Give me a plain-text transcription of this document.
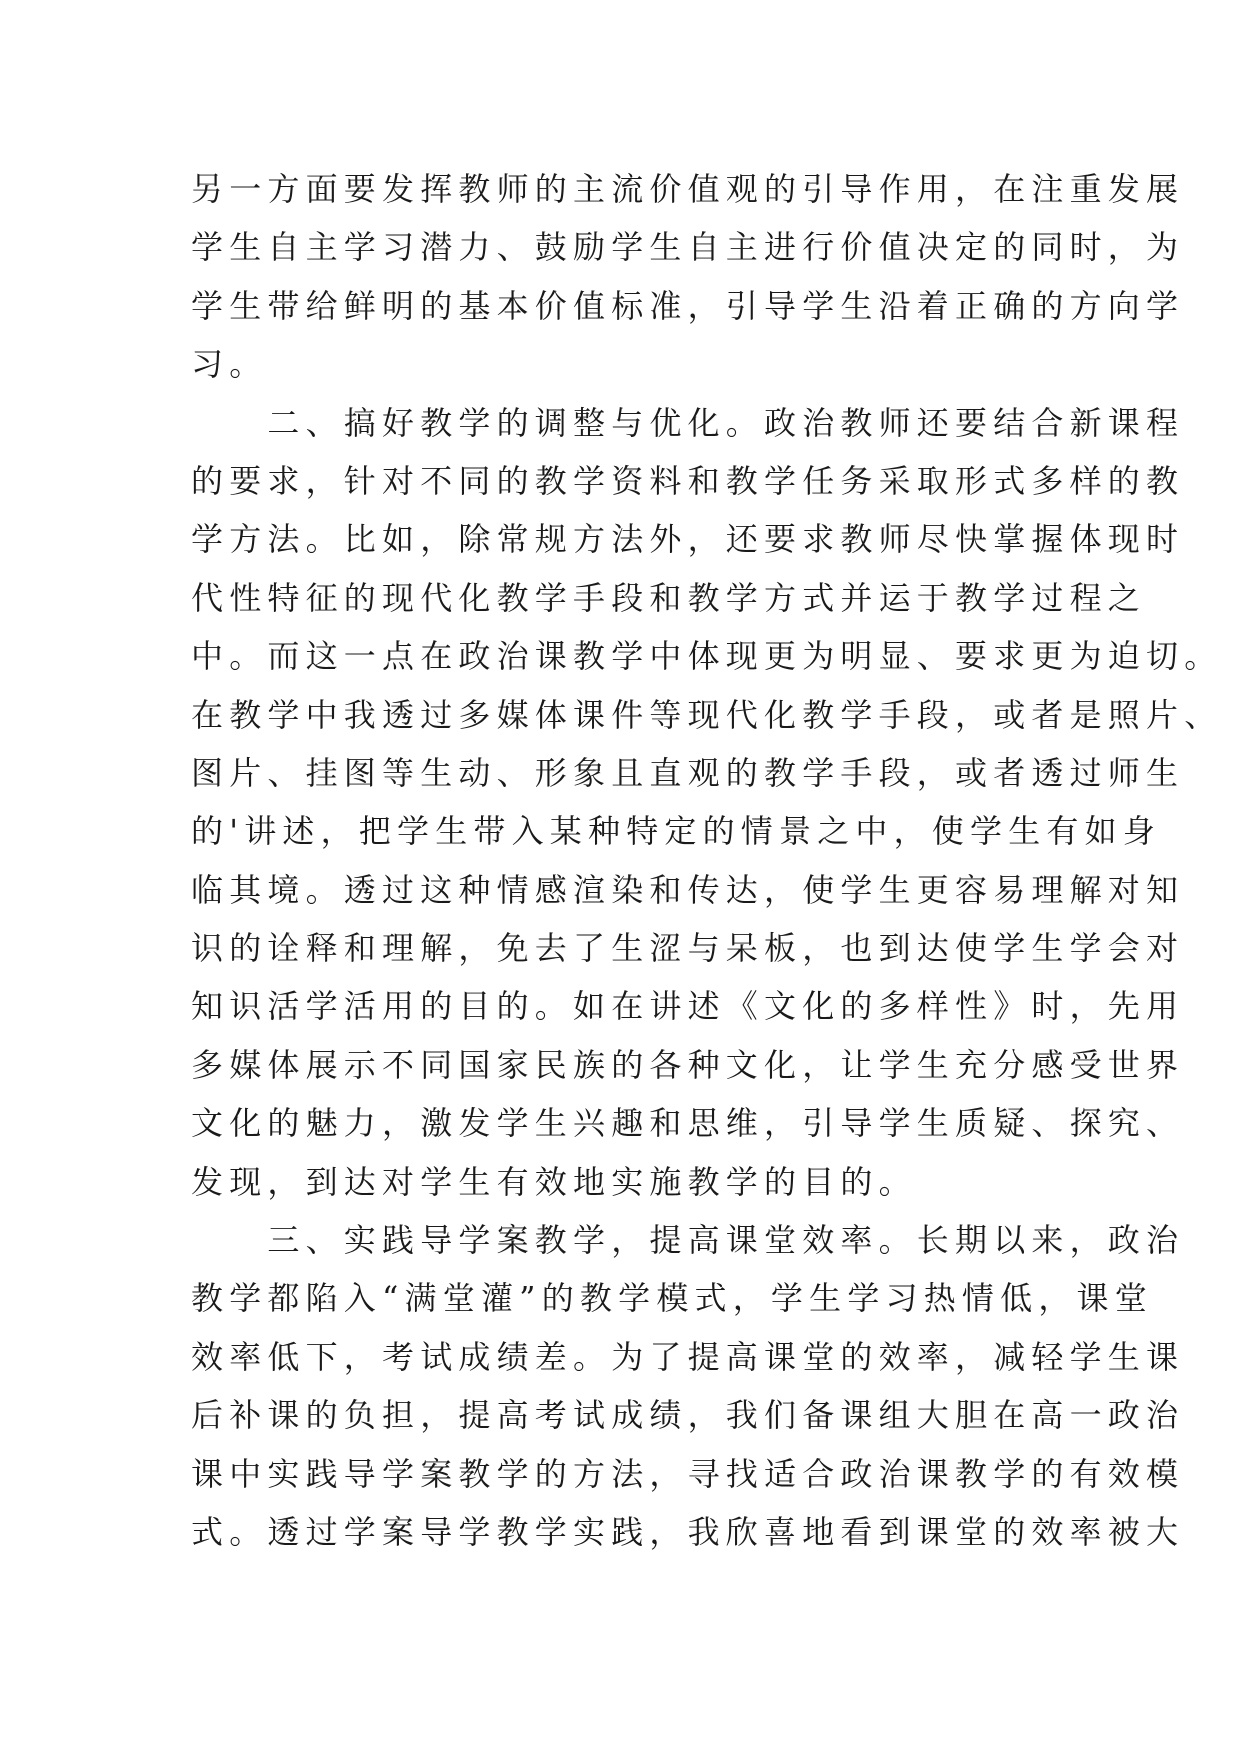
另一方面要发挥教师的主流价值观的引导作用，在注重发展
学生自主学习潜力、鼓励学生自主进行价值决定的同时，为
学生带给鲜明的基本价值标准，引导学生沿着正确的方向学
习。
　　二、搞好教学的调整与优化。政治教师还要结合新课程
的要求，针对不同的教学资料和教学任务采取形式多样的教
学方法。比如，除常规方法外，还要求教师尽快掌握体现时
代性特征的现代化教学手段和教学方式并运于教学过程之
中。而这一点在政治课教学中体现更为明显、要求更为迫切。
在教学中我透过多媒体课件等现代化教学手段，或者是照片、
图片、挂图等生动、形象且直观的教学手段，或者透过师生
的'讲述，把学生带入某种特定的情景之中，使学生有如身
临其境。透过这种情感渲染和传达，使学生更容易理解对知
识的诠释和理解，免去了生涩与呆板，也到达使学生学会对
知识活学活用的目的。如在讲述《文化的多样性》时，先用
多媒体展示不同国家民族的各种文化，让学生充分感受世界
文化的魅力，激发学生兴趣和思维，引导学生质疑、探究、
发现，到达对学生有效地实施教学的目的。
　　三、实践导学案教学，提高课堂效率。长期以来，政治
教学都陷入“满堂灌”的教学模式，学生学习热情低，课堂
效率低下，考试成绩差。为了提高课堂的效率，减轻学生课
后补课的负担，提高考试成绩，我们备课组大胆在高一政治
课中实践导学案教学的方法，寻找适合政治课教学的有效模
式。透过学案导学教学实践，我欣喜地看到课堂的效率被大
